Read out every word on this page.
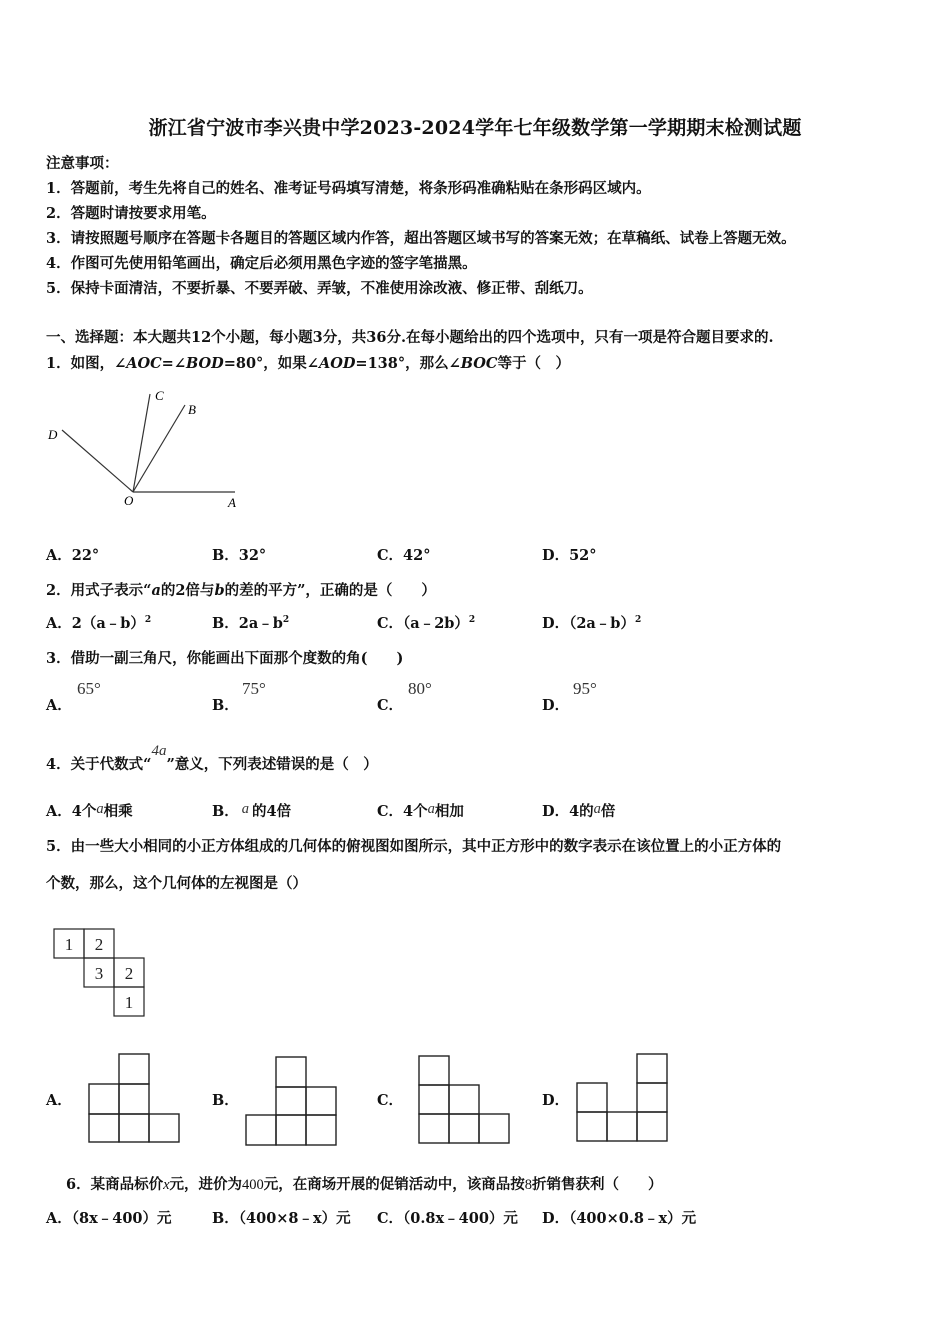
浙江省宁波市李兴贵中学2023-2024学年七年级数学第一学期期末检测试题
注意事项：
1．答题前，考生先将自己的姓名、准考证号码填写清楚，将条形码准确粘贴在条形码区域内。
2．答题时请按要求用笔。
3．请按照题号顺序在答题卡各题目的答题区域内作答，超出答题区域书写的答案无效；在草稿纸、试卷上答题无效。
4．作图可先使用铅笔画出，确定后必须用黑色字迹的签字笔描黑。
5．保持卡面清洁，不要折暴、不要弄破、弄皱，不准使用涂改液、修正带、刮纸刀。
一、选择题：本大题共12个小题，每小题3分，共36分.在每小题给出的四个选项中，只有一项是符合题目要求的.
1．如图，∠AOC=∠BOD=80°，如果∠AOD=138°，那么∠BOC等于（　）
C
B
D
O	A
A．22°	B．32°	C．42°	D．52°
2．用式子表示“a的2倍与b的差的平方”，正确的是（　　）
A．2（a﹣b）$^2$	B．$2a﹣b^2$	C．（a﹣2b）$^2$	D．（2a﹣b）$^2$
3．借助一副三角尺，你能画出下面那个度数的角(　　)
A．
65°
B．
75°
C．
80°
D．
95°
4．关于代数式“4a”意义，下列表述错误的是（　）
A．4个a相乘	B． a 的4倍	C．4个a相加	D．4的a倍
5．由一些大小相同的小正方体组成的几何体的俯视图如图所示，其中正方形中的数字表示在该位置上的小正方体的
个数，那么，这个几何体的左视图是（）
1 2
3 2
1
A．	B．	C．	D．
6．某商品标价x元，进价为400元，在商场开展的促销活动中，该商品按8折销售获利（　　）
A．（8x﹣400）元	B．（400×8﹣x）元 C．（0.8x﹣400）元 D．（400×0.8﹣x）元
